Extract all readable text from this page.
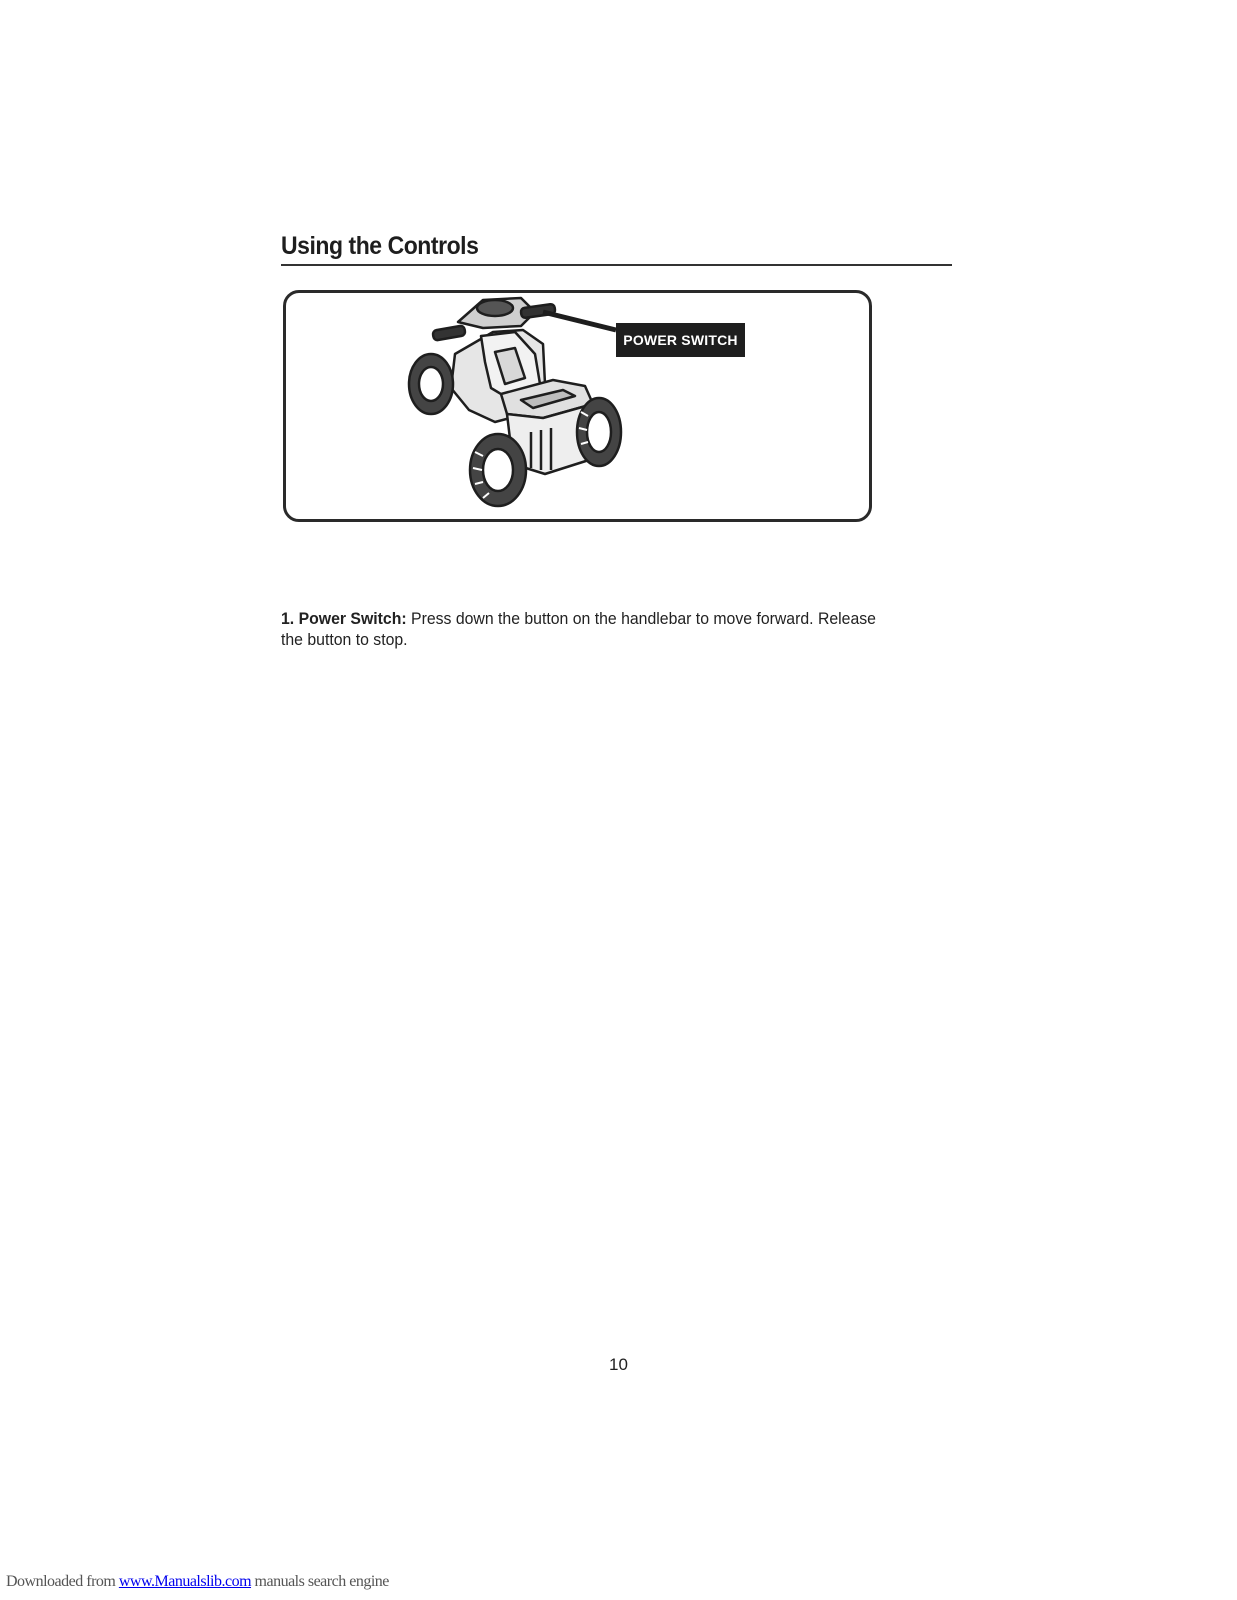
Using the Controls
POWER SWITCH

1. Power Switch: Press down the button on the handlebar to move forward. Release the button to stop.

10
Downloaded from www.Manualslib.com manuals search engine
